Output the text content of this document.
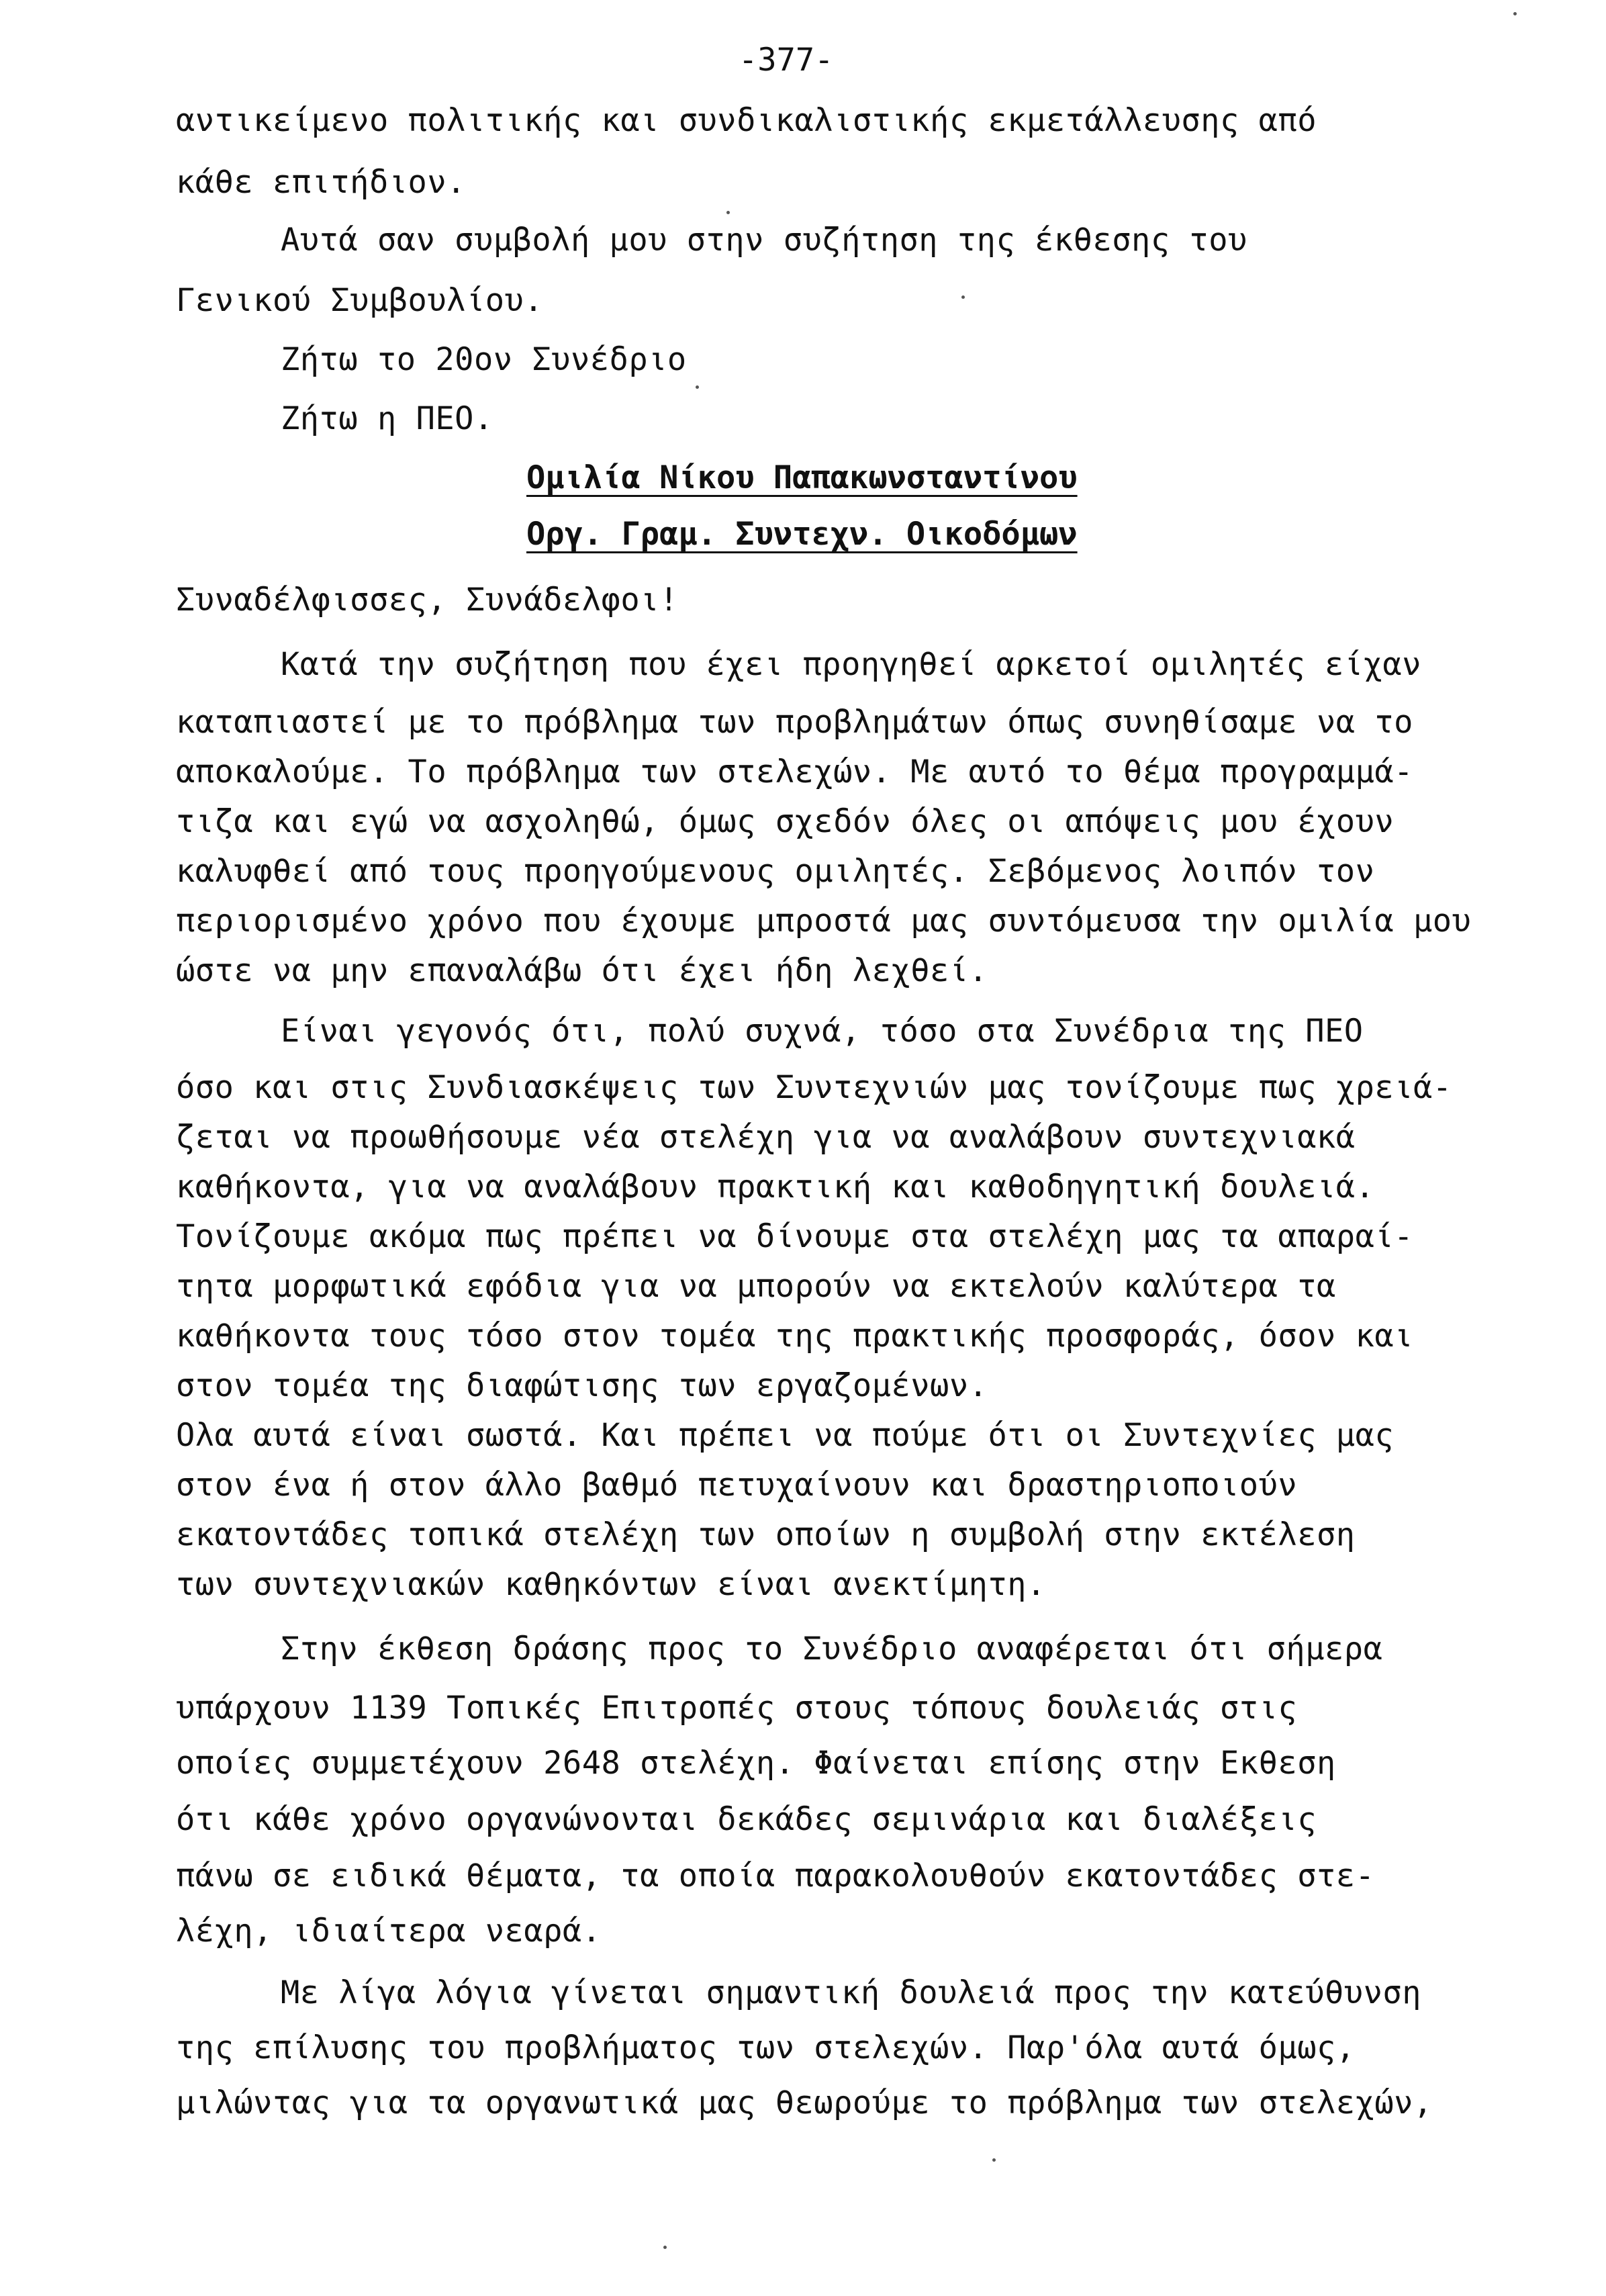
-377-
αντικείμενο πολιτικής και συνδικαλιστικής εκμετάλλευσης από
κάθε επιτήδιον.
Αυτά σαν συμβολή μου στην συζήτηση της έκθεσης του
Γενικού Συμβουλίου.
Ζήτω το 20ον Συνέδριο
Ζήτω η ΠΕΟ.
Ομιλία Νίκου Παπακωνσταντίνου
Οργ. Γραμ. Συντεχν. Οικοδόμων
Συναδέλφισσες, Συνάδελφοι!
Κατά την συζήτηση που έχει προηγηθεί αρκετοί ομιλητές είχαν
καταπιαστεί με το πρόβλημα των προβλημάτων όπως συνηθίσαμε να το
αποκαλούμε. Το πρόβλημα των στελεχών. Με αυτό το θέμα προγραμμά-
τιζα και εγώ να ασχοληθώ, όμως σχεδόν όλες οι απόψεις μου έχουν
καλυφθεί από τους προηγούμενους ομιλητές. Σεβόμενος λοιπόν τον
περιορισμένο χρόνο που έχουμε μπροστά μας συντόμευσα την ομιλία μου
ώστε να μην επαναλάβω ότι έχει ήδη λεχθεί.
Είναι γεγονός ότι, πολύ συχνά, τόσο στα Συνέδρια της ΠΕΟ
όσο και στις Συνδιασκέψεις των Συντεχνιών μας τονίζουμε πως χρειά-
ζεται να προωθήσουμε νέα στελέχη για να αναλάβουν συντεχνιακά
καθήκοντα, για να αναλάβουν πρακτική και καθοδηγητική δουλειά.
Τονίζουμε ακόμα πως πρέπει να δίνουμε στα στελέχη μας τα απαραί-
τητα μορφωτικά εφόδια για να μπορούν να εκτελούν καλύτερα τα
καθήκοντα τους τόσο στον τομέα της πρακτικής προσφοράς, όσον και
στον τομέα της διαφώτισης των εργαζομένων.
Ολα αυτά είναι σωστά. Και πρέπει να πούμε ότι οι Συντεχνίες μας
στον ένα ή στον άλλο βαθμό πετυχαίνουν και δραστηριοποιούν
εκατοντάδες τοπικά στελέχη των οποίων η συμβολή στην εκτέλεση
των συντεχνιακών καθηκόντων είναι ανεκτίμητη.
Στην έκθεση δράσης προς το Συνέδριο αναφέρεται ότι σήμερα
υπάρχουν 1139 Τοπικές Επιτροπές στους τόπους δουλειάς στις
οποίες συμμετέχουν 2648 στελέχη. Φαίνεται επίσης στην Εκθεση
ότι κάθε χρόνο οργανώνονται δεκάδες σεμινάρια και διαλέξεις
πάνω σε ειδικά θέματα, τα οποία παρακολουθούν εκατοντάδες στε-
λέχη, ιδιαίτερα νεαρά.
Με λίγα λόγια γίνεται σημαντική δουλειά προς την κατεύθυνση
της επίλυσης του προβλήματος των στελεχών. Παρ'όλα αυτά όμως,
μιλώντας για τα οργανωτικά μας θεωρούμε το πρόβλημα των στελεχών,
